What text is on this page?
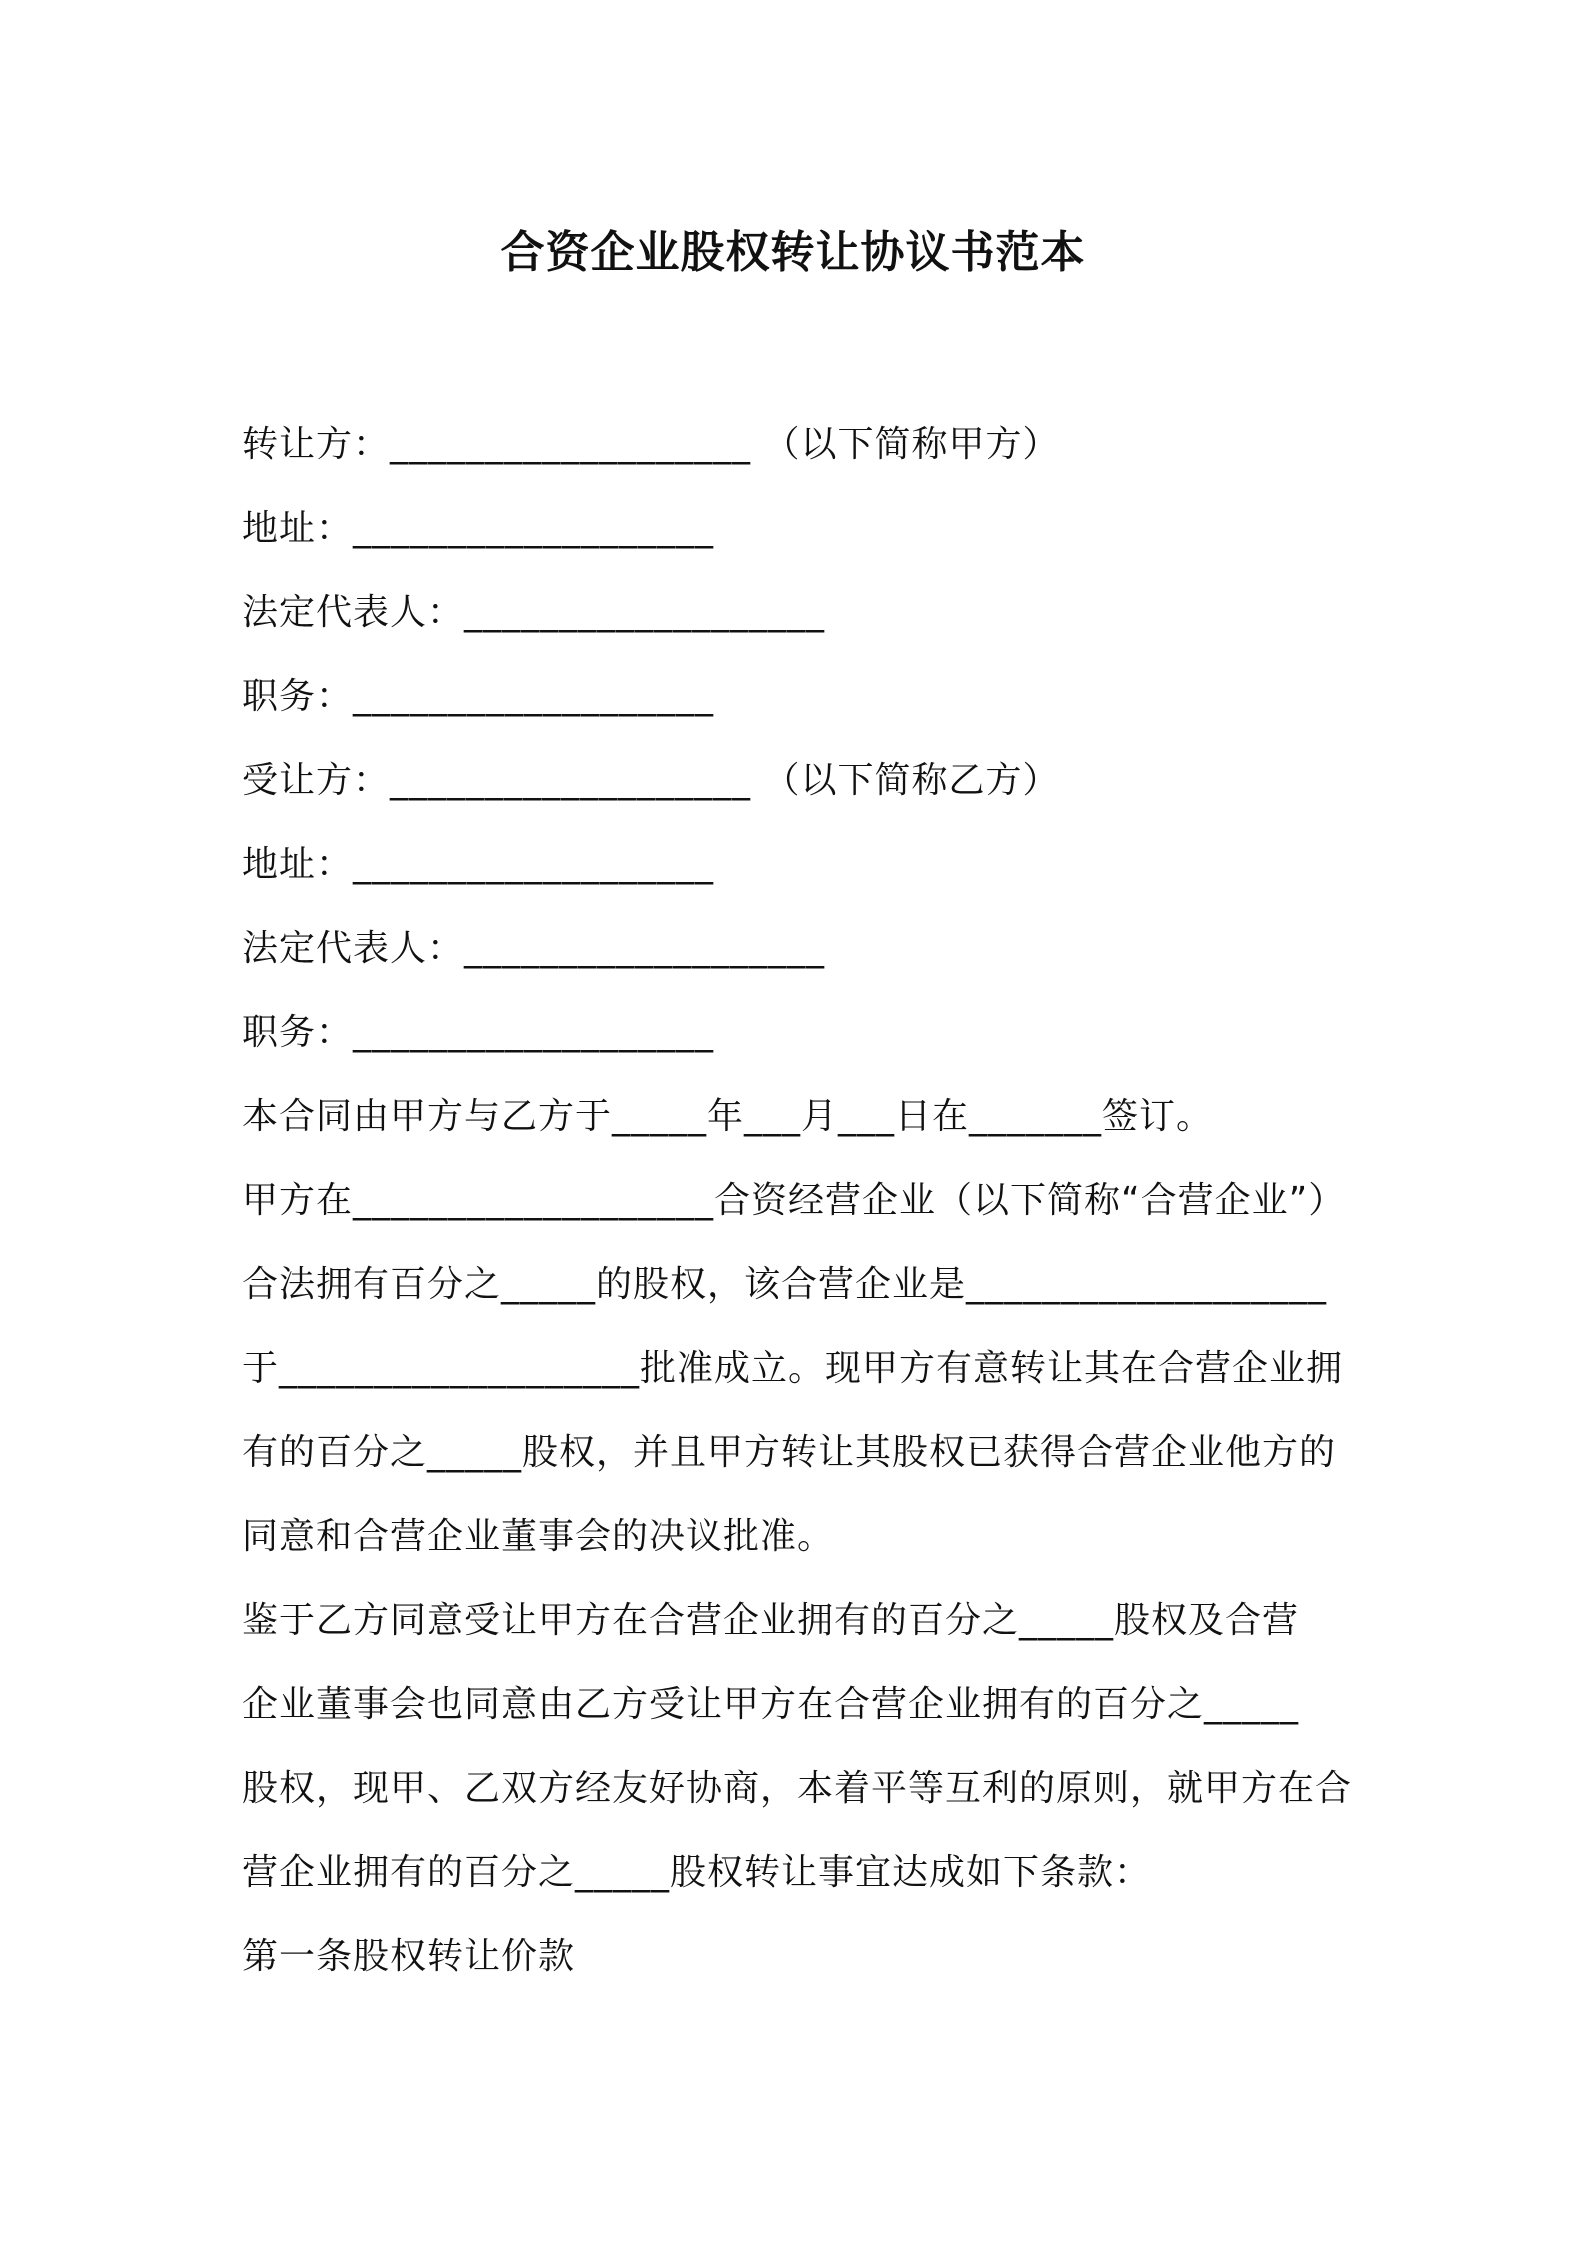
合资企业股权转让协议书范本
转让方：___________________ （以下简称甲方）
地址：___________________
法定代表人：___________________
职务：___________________
受让方：___________________ （以下简称乙方）
地址：___________________
法定代表人：___________________
职务：___________________
本合同由甲方与乙方于_____年___月___日在_______签订。
甲方在___________________合资经营企业（以下简称“合营企业”）
合法拥有百分之_____的股权，该合营企业是___________________
于___________________批准成立。现甲方有意转让其在合营企业拥
有的百分之_____股权，并且甲方转让其股权已获得合营企业他方的
同意和合营企业董事会的决议批准。
鉴于乙方同意受让甲方在合营企业拥有的百分之_____股权及合营
企业董事会也同意由乙方受让甲方在合营企业拥有的百分之_____
股权，现甲、乙双方经友好协商，本着平等互利的原则，就甲方在合
营企业拥有的百分之_____股权转让事宜达成如下条款：
第一条股权转让价款
